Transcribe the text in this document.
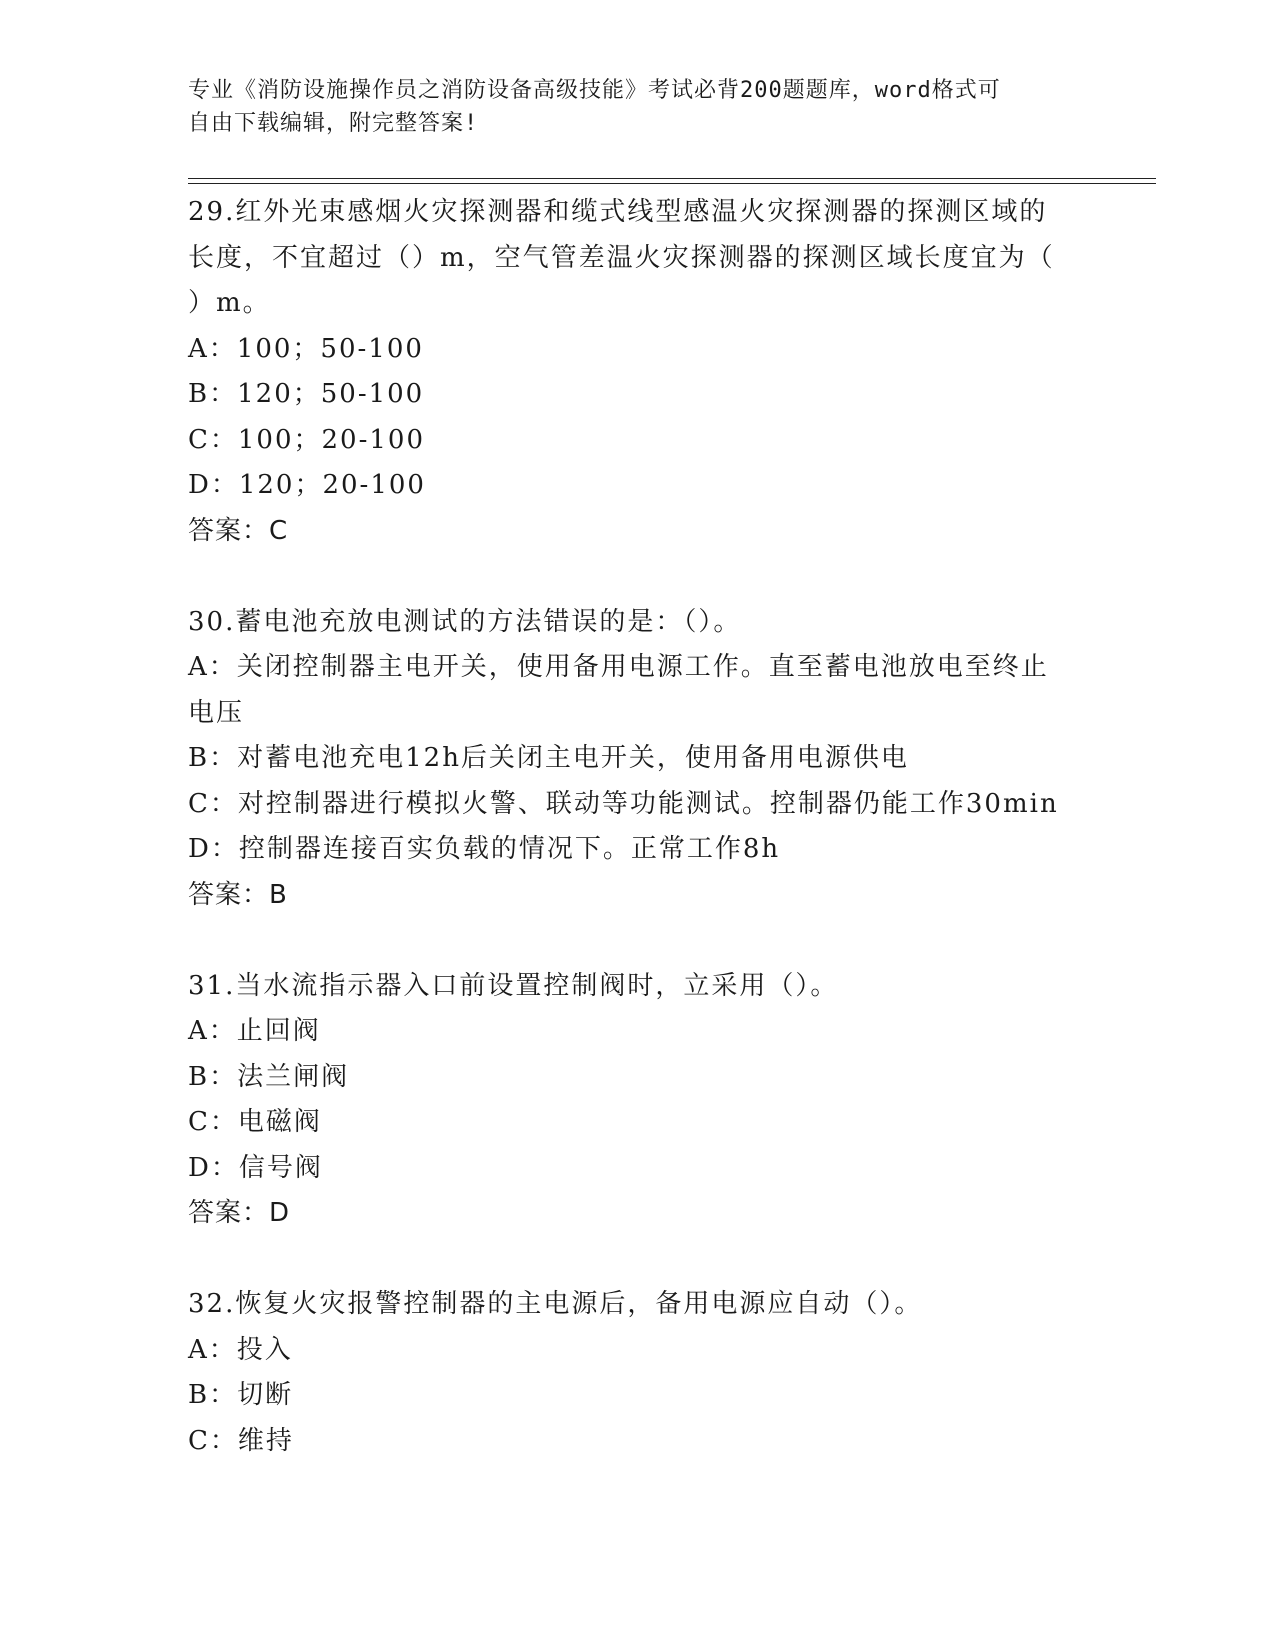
专业《消防设施操作员之消防设备高级技能》考试必背200题题库，word格式可
自由下载编辑，附完整答案!

29.红外光束感烟火灾探测器和缆式线型感温火灾探测器的探测区域的

长度，不宜超过（）m，空气管差温火灾探测器的探测区域长度宜为（

）m。

A：100；50-100

B：120；50-100

C：100；20-100

D：120；20-100

答案：C

30.蓄电池充放电测试的方法错误的是：（）。

A：关闭控制器主电开关，使用备用电源工作。直至蓄电池放电至终止

电压

B：对蓄电池充电12h后关闭主电开关，使用备用电源供电

C：对控制器进行模拟火警、联动等功能测试。控制器仍能工作30min

D：控制器连接百实负载的情况下。正常工作8h

答案：B

31.当水流指示器入口前设置控制阀时，立采用（）。

A：止回阀

B：法兰闸阀

C：电磁阀

D：信号阀

答案：D

32.恢复火灾报警控制器的主电源后，备用电源应自动（）。

A：投入

B：切断

C：维持
